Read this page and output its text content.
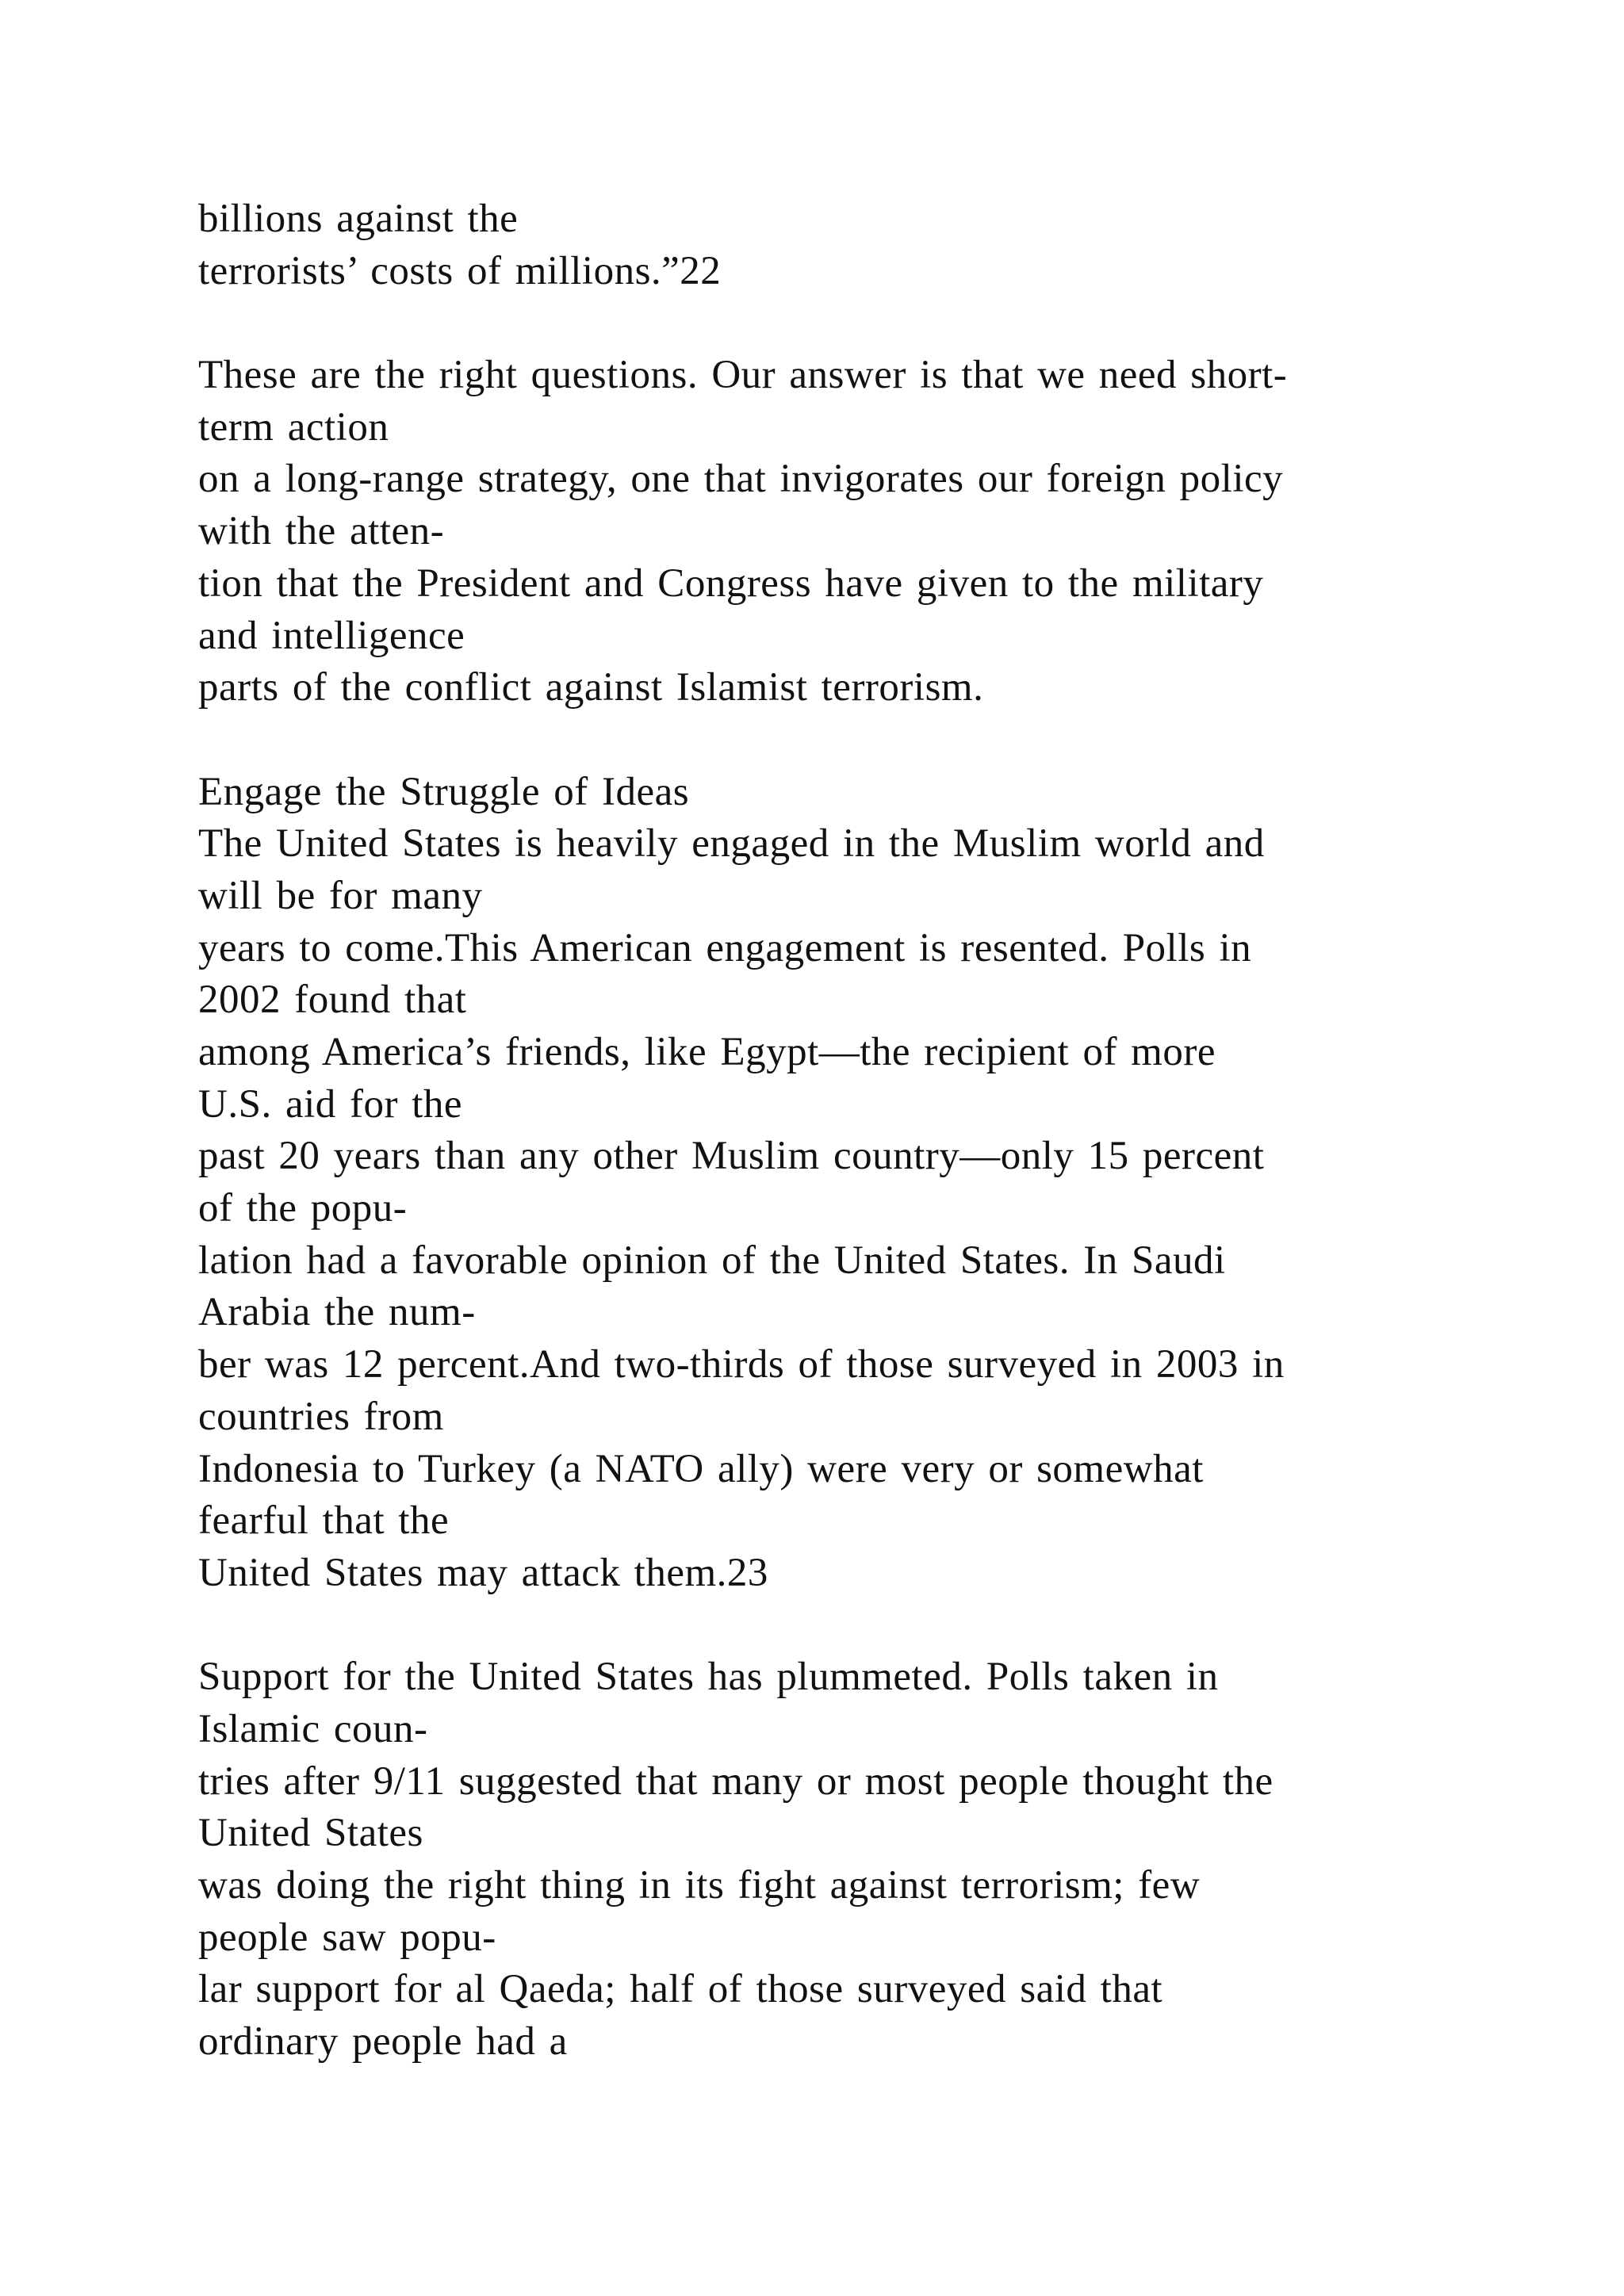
billions against the
terrorists’ costs of millions.”22
These are the right questions. Our answer is that we need short-
term action
on a long-range strategy, one that invigorates our foreign policy
with the atten-
tion that the President and Congress have given to the military
and intelligence
parts of the conflict against Islamist terrorism.
Engage the Struggle of Ideas
The United States is heavily engaged in the Muslim world and
will be for many
years to come.This American engagement is resented. Polls in
2002 found that
among America’s friends, like Egypt—the recipient of more
U.S. aid for the
past 20 years than any other Muslim country—only 15 percent
of the popu-
lation had a favorable opinion of the United States. In Saudi
Arabia the num-
ber was 12 percent.And two-thirds of those surveyed in 2003 in
countries from
Indonesia to Turkey (a NATO ally) were very or somewhat
fearful that the
United States may attack them.23
Support for the United States has plummeted. Polls taken in
Islamic coun-
tries after 9/11 suggested that many or most people thought the
United States
was doing the right thing in its fight against terrorism; few
people saw popu-
lar support for al Qaeda; half of those surveyed said that
ordinary people had a
